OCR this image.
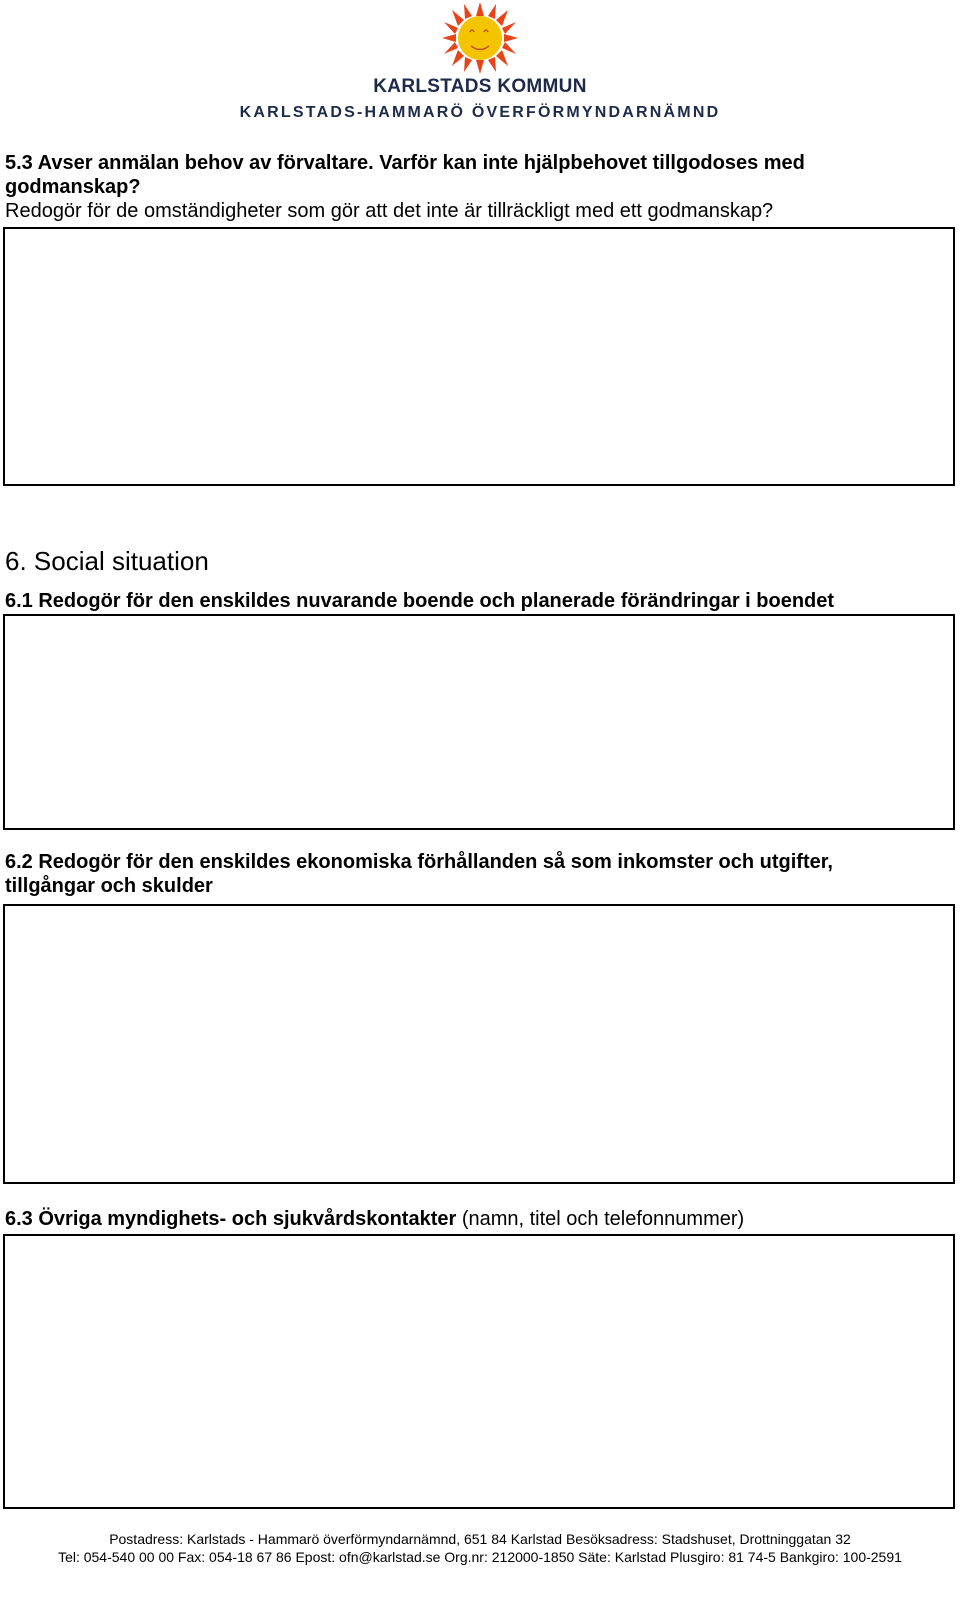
KARLSTADS KOMMUN
KARLSTADS-HAMMARÖ ÖVERFÖRMYNDARNÄMND
5.3 Avser anmälan behov av förvaltare. Varför kan inte hjälpbehovet tillgodoses med
godmanskap?
Redogör för de omständigheter som gör att det inte är tillräckligt med ett godmanskap?
6. Social situation
6.1 Redogör för den enskildes nuvarande boende och planerade förändringar i boendet
6.2 Redogör för den enskildes ekonomiska förhållanden så som inkomster och utgifter,
tillgångar och skulder
6.3 Övriga myndighets- och sjukvårdskontakter (namn, titel och telefonnummer)
Postadress: Karlstads - Hammarö överförmyndarnämnd, 651 84 Karlstad Besöksadress: Stadshuset, Drottninggatan 32
Tel: 054-540 00 00 Fax: 054-18 67 86 Epost: ofn@karlstad.se Org.nr: 212000-1850 Säte: Karlstad Plusgiro: 81 74-5 Bankgiro: 100-2591
